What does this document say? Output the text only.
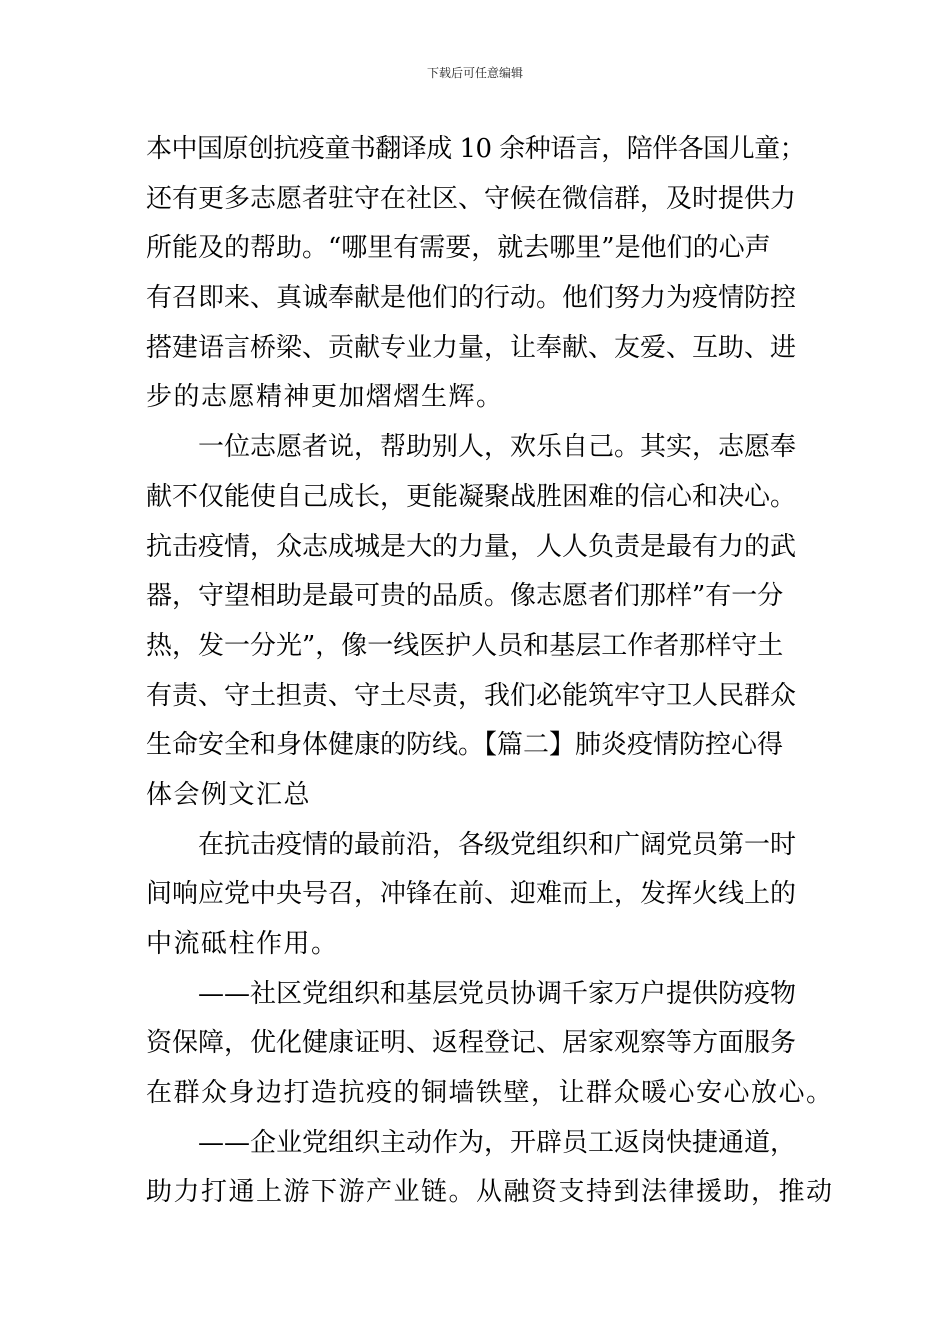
下载后可任意编辑
本中国原创抗疫童书翻译成 10 余种语言，陪伴各国儿童；
还有更多志愿者驻守在社区、守候在微信群，及时提供力
所能及的帮助。“哪里有需要，就去哪里”是他们的心声
有召即来、真诚奉献是他们的行动。他们努力为疫情防控
搭建语言桥梁、贡献专业力量，让奉献、友爱、互助、进
步的志愿精神更加熠熠生辉。
一位志愿者说，帮助别人，欢乐自己。其实，志愿奉
献不仅能使自己成长，更能凝聚战胜困难的信心和决心。
抗击疫情，众志成城是大的力量，人人负责是最有力的武
器，守望相助是最可贵的品质。像志愿者们那样”有一分
热，发一分光”，像一线医护人员和基层工作者那样守土
有责、守土担责、守土尽责，我们必能筑牢守卫人民群众
生命安全和身体健康的防线。【篇二】肺炎疫情防控心得
体会例文汇总
在抗击疫情的最前沿，各级党组织和广阔党员第一时
间响应党中央号召，冲锋在前、迎难而上，发挥火线上的
中流砥柱作用。
——社区党组织和基层党员协调千家万户提供防疫物
资保障，优化健康证明、返程登记、居家观察等方面服务
在群众身边打造抗疫的铜墙铁壁，让群众暖心安心放心。
——企业党组织主动作为，开辟员工返岗快捷通道，
助力打通上游下游产业链。从融资支持到法律援助，推动
